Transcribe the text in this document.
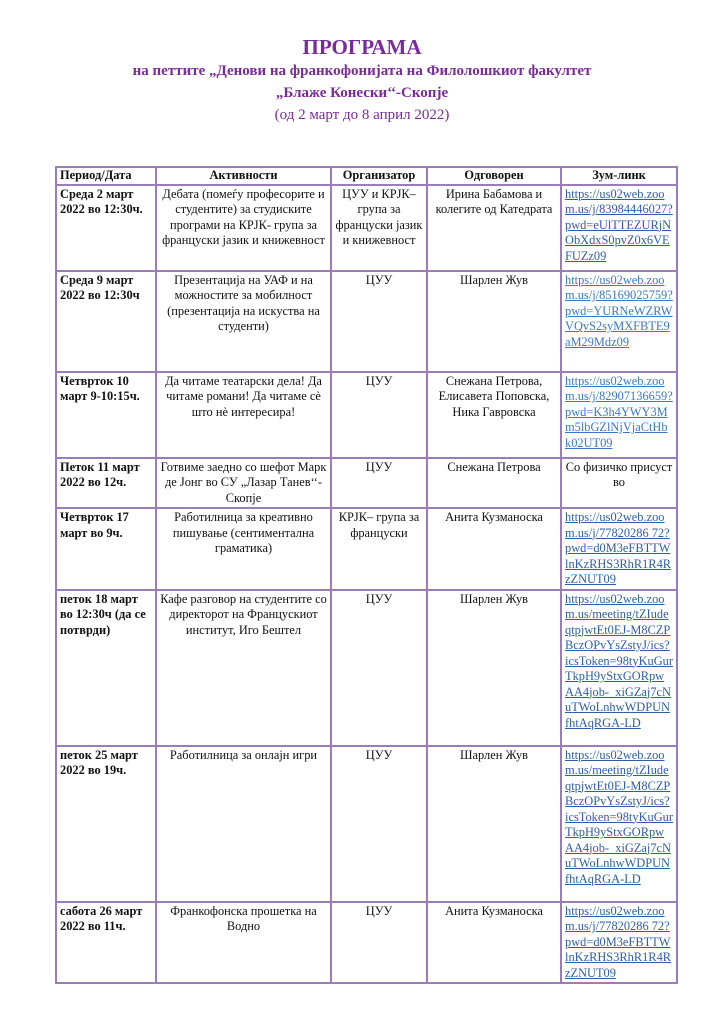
ПРОГРАМА
на петтите „Денови на франкофонијата на Филолошкиот факултет
„Блаже Конески‘‘-Скопје
(од 2 март до 8 април 2022)
Период/Дата	Активности	Организатор	Одговорен	Зум-линк
Среда 2 март 2022 во 12:30ч.	Дебата (помеѓу професорите и студентите) за студиските програми на КРЈК- група за француски јазик и книжевност	ЦУУ и КРЈК– група за француски јазик и книжевност	Ирина Бабамова и колегите од Катедрата	https://us02web.zoom.us/j/83984446027?pwd=eUlTTEZURjNObXdxS0pvZ0x6VEFUZz09
Среда 9 март 2022 во 12:30ч	Презентација на УАФ и на можностите за мобилност (презентација на искуства на студенти)	ЦУУ	Шарлен Жув	https://us02web.zoom.us/j/85169025759?pwd=YURNeWZRWVQvS2syMXFBTE9aM29Mdz09
Четврток 10 март 9-10:15ч.	Да читаме театарски дела! Да читаме романи! Да читаме сè што нè интересира!	ЦУУ	Снежана Петрова, Елисавета Поповска, Ника Гавровска	https://us02web.zoom.us/j/82907136659?pwd=K3h4YWY3Mm5lbGZlNjVjaCtHbk02UT09
Петок 11 март 2022 во 12ч.	Готвиме заедно со шефот Марк де Јонг во СУ „Лазар Танев‘‘- Скопје	ЦУУ	Снежана Петрова	Со физичко присуство
Четврток 17 март во 9ч.	Работилница за креативно пишување (сентиментална граматика)	КРЈК– група за француски	Анита Кузманоска	https://us02web.zoom.us/j/77820286 72?pwd=d0M3eFBTTWlnKzRHS3RhR1R4RzZNUT09
петок 18 март во 12:30ч (да се потврди)	Кафе разговор на студентите со директорот на Францускиот институт, Иго Бештел	ЦУУ	Шарлен Жув	https://us02web.zoom.us/meeting/tZIudeqtpjwtEt0EJ-M8CZPBczOPvYsZstyJ/ics?icsToken=98tyKuGurTkpH9yStxGORpwAA4job-_xiGZaj7cNuTWoLnhwWDPUNfhtAqRGA-LD
петок 25 март 2022 во 19ч.	Работилница за онлајн игри	ЦУУ	Шарлен Жув	https://us02web.zoom.us/meeting/tZIudeqtpjwtEt0EJ-M8CZPBczOPvYsZstyJ/ics?icsToken=98tyKuGurTkpH9yStxGORpwAA4job-_xiGZaj7cNuTWoLnhwWDPUNfhtAqRGA-LD
сабота 26 март 2022 во 11ч.	Франкофонска прошетка на Водно	ЦУУ	Анита Кузманоска	https://us02web.zoom.us/j/77820286 72?pwd=d0M3eFBTTWlnKzRHS3RhR1R4RzZNUT09
